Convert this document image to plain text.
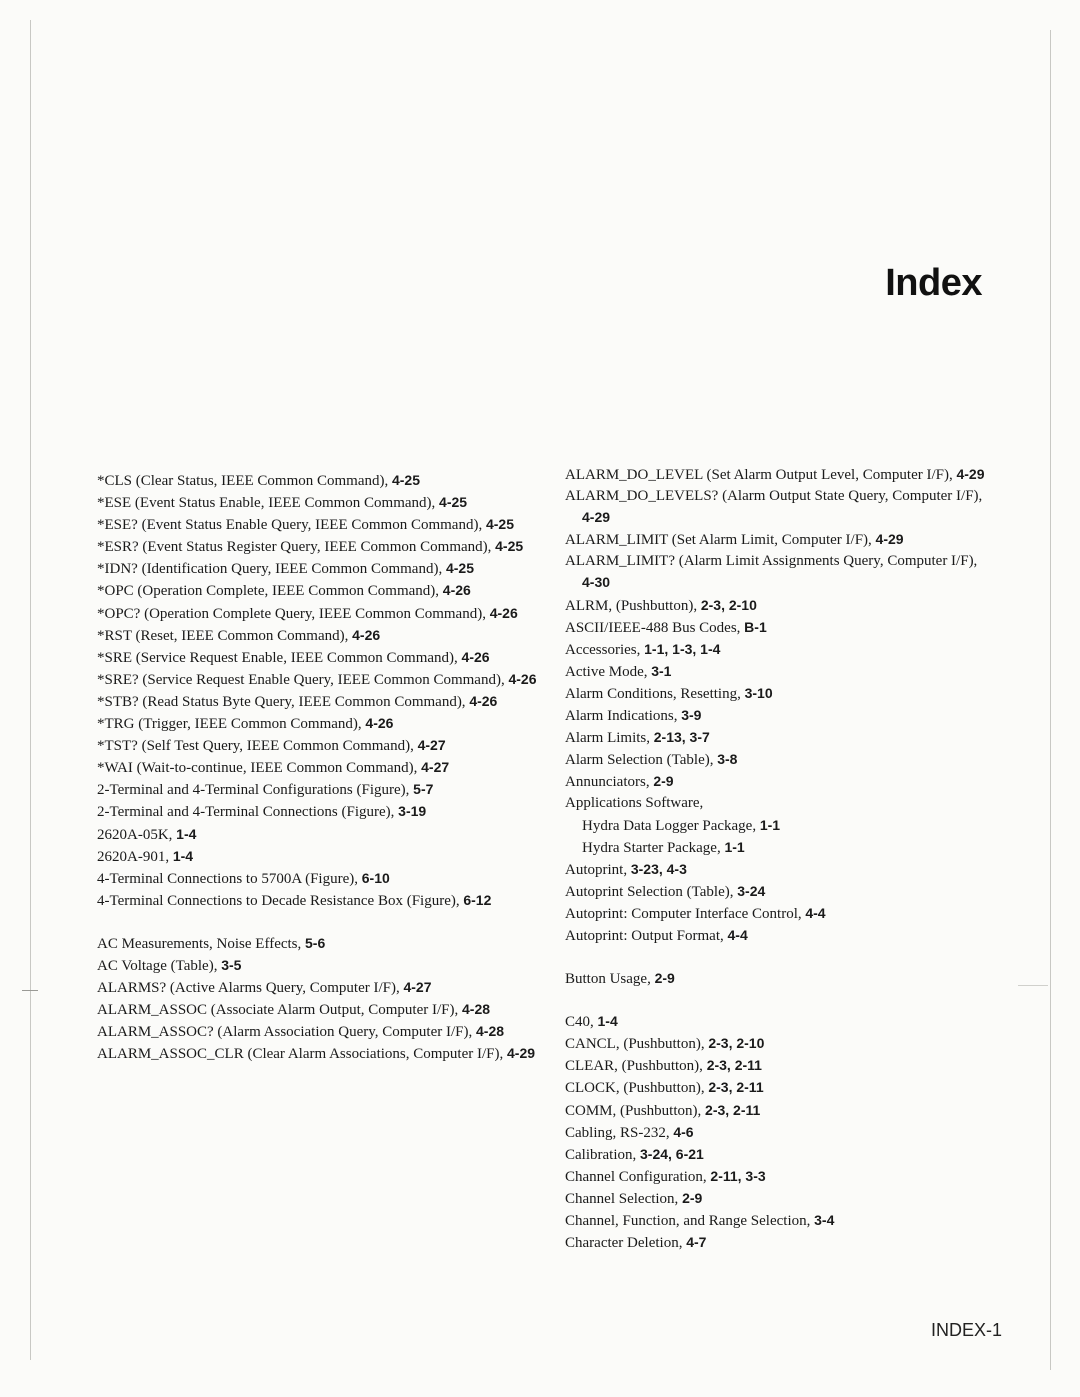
Index
*CLS (Clear Status, IEEE Common Command), 4-25
*ESE (Event Status Enable, IEEE Common Command), 4-25
*ESE? (Event Status Enable Query, IEEE Common Command), 4-25
*ESR? (Event Status Register Query, IEEE Common Command), 4-25
*IDN? (Identification Query, IEEE Common Command), 4-25
*OPC (Operation Complete, IEEE Common Command), 4-26
*OPC? (Operation Complete Query, IEEE Common Command), 4-26
*RST (Reset, IEEE Common Command), 4-26
*SRE (Service Request Enable, IEEE Common Command), 4-26
*SRE? (Service Request Enable Query, IEEE Common Command), 4-26
*STB? (Read Status Byte Query, IEEE Common Command), 4-26
*TRG (Trigger, IEEE Common Command), 4-26
*TST? (Self Test Query, IEEE Common Command), 4-27
*WAI (Wait-to-continue, IEEE Common Command), 4-27
2-Terminal and 4-Terminal Configurations (Figure), 5-7
2-Terminal and 4-Terminal Connections (Figure), 3-19
2620A-05K, 1-4
2620A-901, 1-4
4-Terminal Connections to 5700A (Figure), 6-10
4-Terminal Connections to Decade Resistance Box (Figure), 6-12
AC Measurements, Noise Effects, 5-6
AC Voltage (Table), 3-5
ALARMS? (Active Alarms Query, Computer I/F), 4-27
ALARM_ASSOC (Associate Alarm Output, Computer I/F), 4-28
ALARM_ASSOC? (Alarm Association Query, Computer I/F), 4-28
ALARM_ASSOC_CLR (Clear Alarm Associations, Computer I/F), 4-29
ALARM_DO_LEVEL (Set Alarm Output Level, Computer I/F), 4-29
ALARM_DO_LEVELS? (Alarm Output State Query, Computer I/F), 4-29
ALARM_LIMIT (Set Alarm Limit, Computer I/F), 4-29
ALARM_LIMIT? (Alarm Limit Assignments Query, Computer I/F), 4-30
ALRM, (Pushbutton), 2-3, 2-10
ASCII/IEEE-488 Bus Codes, B-1
Accessories, 1-1, 1-3, 1-4
Active Mode, 3-1
Alarm Conditions, Resetting, 3-10
Alarm Indications, 3-9
Alarm Limits, 2-13, 3-7
Alarm Selection (Table), 3-8
Annunciators, 2-9
Applications Software,
Hydra Data Logger Package, 1-1
Hydra Starter Package, 1-1
Autoprint, 3-23, 4-3
Autoprint Selection (Table), 3-24
Autoprint: Computer Interface Control, 4-4
Autoprint: Output Format, 4-4
Button Usage, 2-9
C40, 1-4
CANCL, (Pushbutton), 2-3, 2-10
CLEAR, (Pushbutton), 2-3, 2-11
CLOCK, (Pushbutton), 2-3, 2-11
COMM, (Pushbutton), 2-3, 2-11
Cabling, RS-232, 4-6
Calibration, 3-24, 6-21
Channel Configuration, 2-11, 3-3
Channel Selection, 2-9
Channel, Function, and Range Selection, 3-4
Character Deletion, 4-7
INDEX-1
